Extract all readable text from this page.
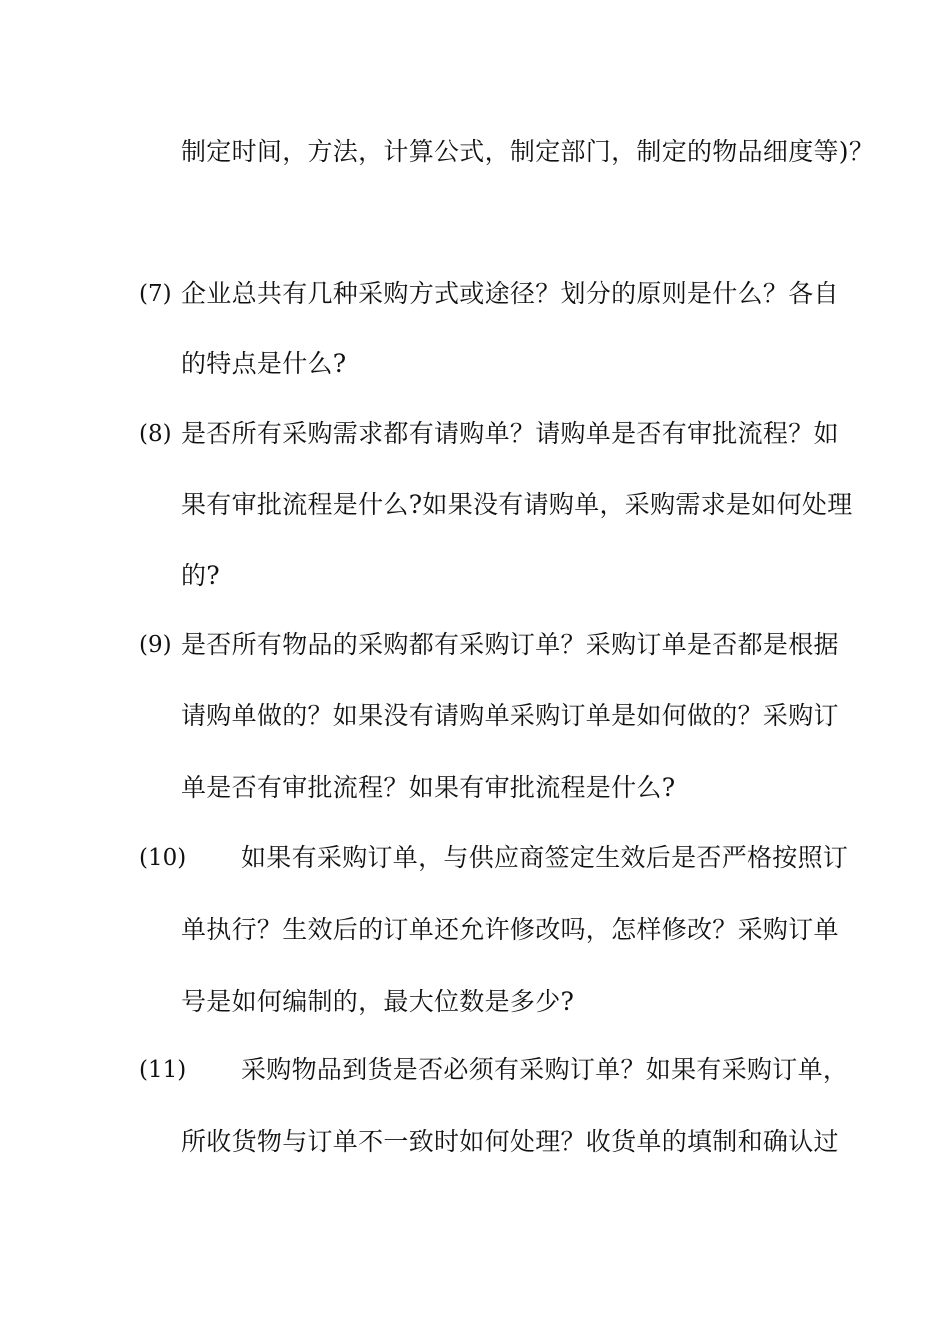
制定时间，方法，计算公式，制定部门，制定的物品细度等)？
(7) 企业总共有几种采购方式或途径？划分的原则是什么？各自
的特点是什么?
(8) 是否所有采购需求都有请购单？请购单是否有审批流程？如
果有审批流程是什么?如果没有请购单，采购需求是如何处理
的?
(9) 是否所有物品的采购都有采购订单？采购订单是否都是根据
请购单做的？如果没有请购单采购订单是如何做的？采购订
单是否有审批流程？如果有审批流程是什么?
(10) 如果有采购订单，与供应商签定生效后是否严格按照订
单执行？生效后的订单还允许修改吗，怎样修改？采购订单
号是如何编制的，最大位数是多少?
(11) 采购物品到货是否必须有采购订单？如果有采购订单，
所收货物与订单不一致时如何处理？收货单的填制和确认过
